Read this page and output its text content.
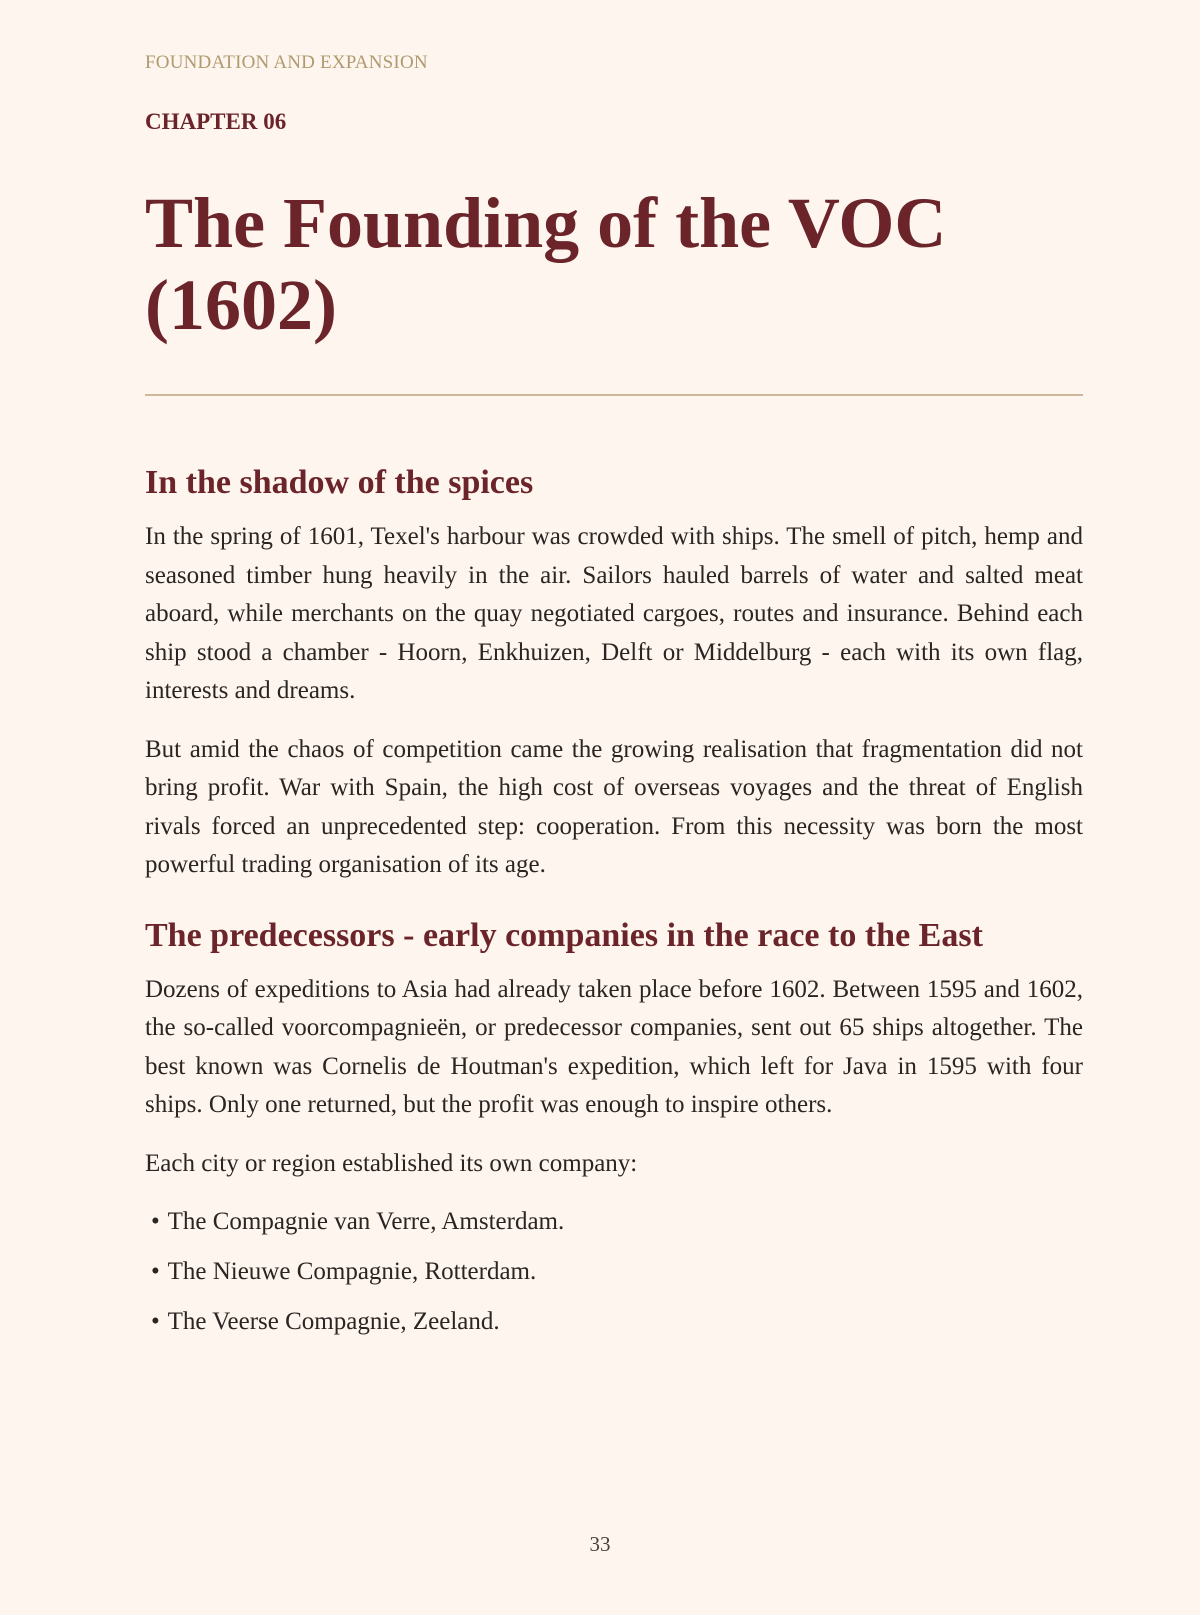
FOUNDATION AND EXPANSION
CHAPTER 06
The Founding of the VOC (1602)
In the shadow of the spices

In the spring of 1601, Texel's harbour was crowded with ships. The smell of pitch, hemp and seasoned timber hung heavily in the air. Sailors hauled barrels of water and salted meat aboard, while merchants on the quay negotiated cargoes, routes and insurance. Behind each ship stood a chamber - Hoorn, Enkhuizen, Delft or Middelburg - each with its own flag, interests and dreams.

But amid the chaos of competition came the growing realisation that fragmentation did not bring profit. War with Spain, the high cost of overseas voyages and the threat of English rivals forced an unprecedented step: cooperation. From this necessity was born the most powerful trading organisation of its age.

The predecessors - early companies in the race to the East

Dozens of expeditions to Asia had already taken place before 1602. Between 1595 and 1602, the so-called voorcompagnieën, or predecessor companies, sent out 65 ships altogether. The best known was Cornelis de Houtman's expedition, which left for Java in 1595 with four ships. Only one returned, but the profit was enough to inspire others.

Each city or region established its own company:

• The Compagnie van Verre, Amsterdam.
• The Nieuwe Compagnie, Rotterdam.
• The Veerse Compagnie, Zeeland.
33
